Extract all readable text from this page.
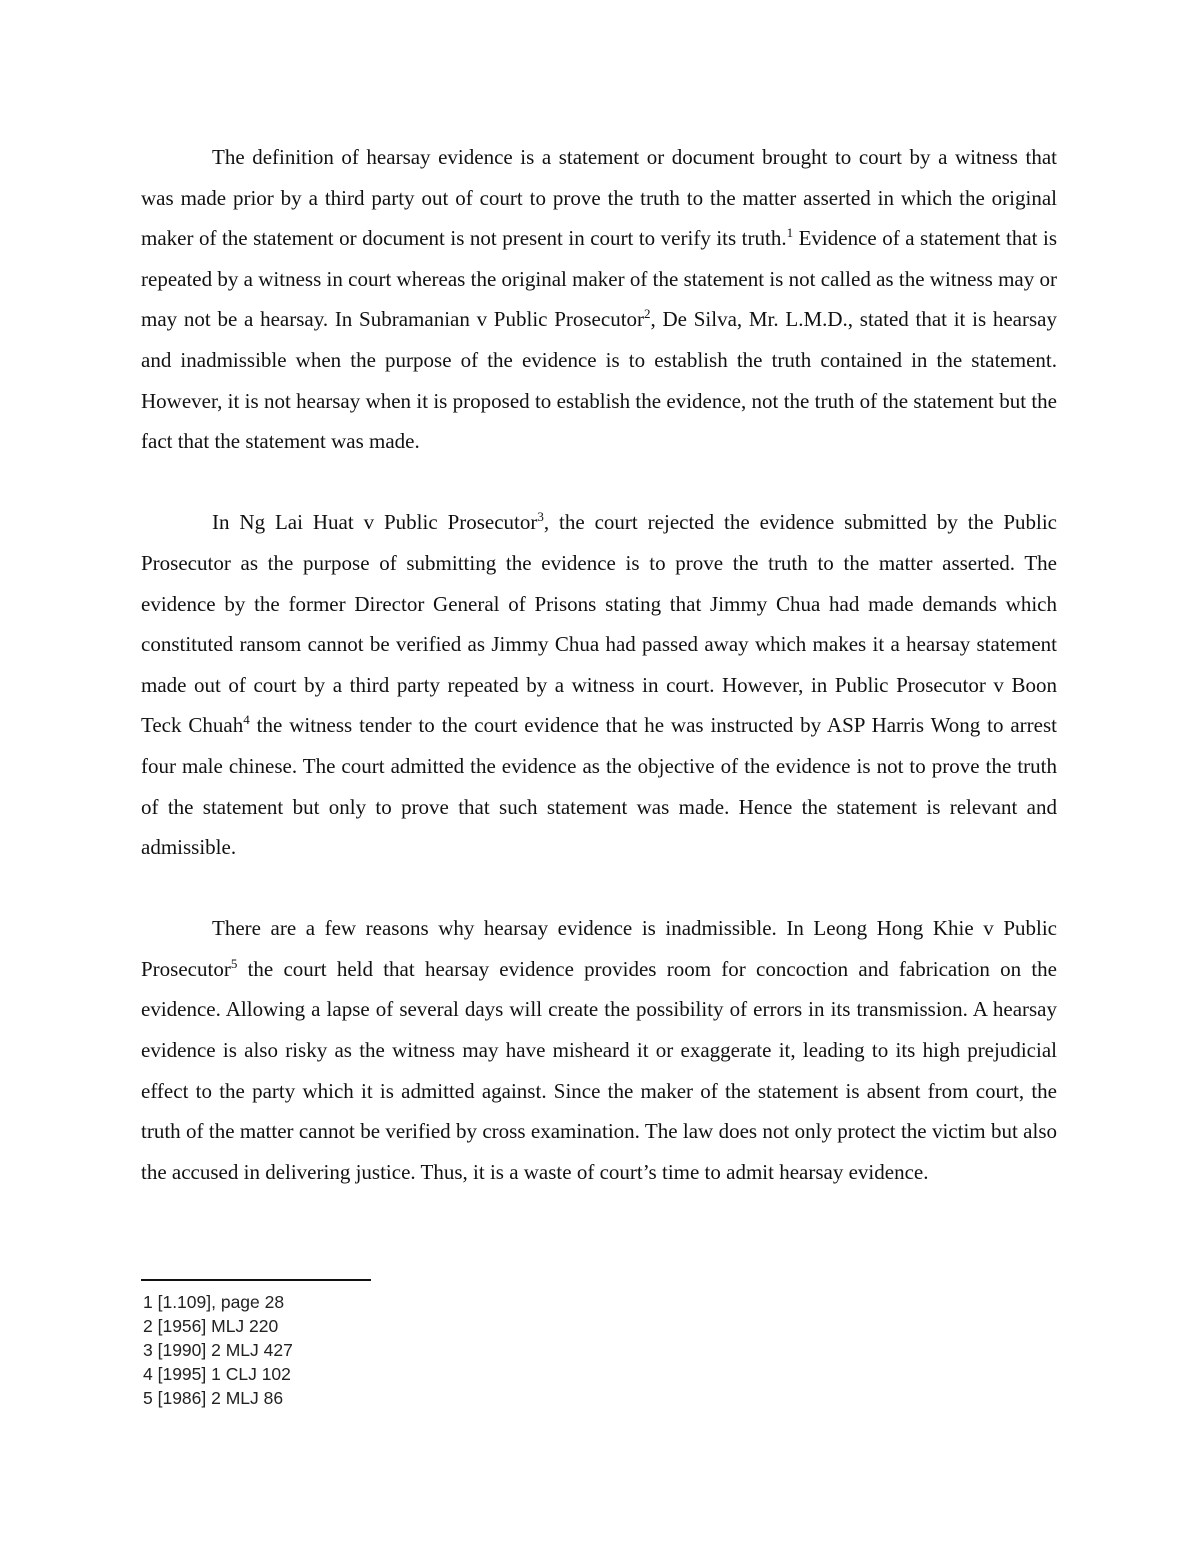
The definition of hearsay evidence is a statement or document brought to court by a witness that was made prior by a third party out of court to prove the truth to the matter asserted in which the original maker of the statement or document is not present in court to verify its truth.$^1$ Evidence of a statement that is repeated by a witness in court whereas the original maker of the statement is not called as the witness may or may not be a hearsay. In Subramanian v Public Prosecutor$^2$, De Silva, Mr. L.M.D., stated that it is hearsay and inadmissible when the purpose of the evidence is to establish the truth contained in the statement. However, it is not hearsay when it is proposed to establish the evidence, not the truth of the statement but the fact that the statement was made.

In Ng Lai Huat v Public Prosecutor$^3$, the court rejected the evidence submitted by the Public Prosecutor as the purpose of submitting the evidence is to prove the truth to the matter asserted. The evidence by the former Director General of Prisons stating that Jimmy Chua had made demands which constituted ransom cannot be verified as Jimmy Chua had passed away which makes it a hearsay statement made out of court by a third party repeated by a witness in court. However, in Public Prosecutor v Boon Teck Chuah$^4$ the witness tender to the court evidence that he was instructed by ASP Harris Wong to arrest four male chinese. The court admitted the evidence as the objective of the evidence is not to prove the truth of the statement but only to prove that such statement was made. Hence the statement is relevant and admissible.

There are a few reasons why hearsay evidence is inadmissible. In Leong Hong Khie v Public Prosecutor$^5$ the court held that hearsay evidence provides room for concoction and fabrication on the evidence. Allowing a lapse of several days will create the possibility of errors in its transmission. A hearsay evidence is also risky as the witness may have misheard it or exaggerate it, leading to its high prejudicial effect to the party which it is admitted against. Since the maker of the statement is absent from court, the truth of the matter cannot be verified by cross examination. The law does not only protect the victim but also the accused in delivering justice. Thus, it is a waste of court’s time to admit hearsay evidence.

1 [1.109], page 28
2 [1956] MLJ 220
3 [1990] 2 MLJ 427
4 [1995] 1 CLJ 102
5 [1986] 2 MLJ 86
